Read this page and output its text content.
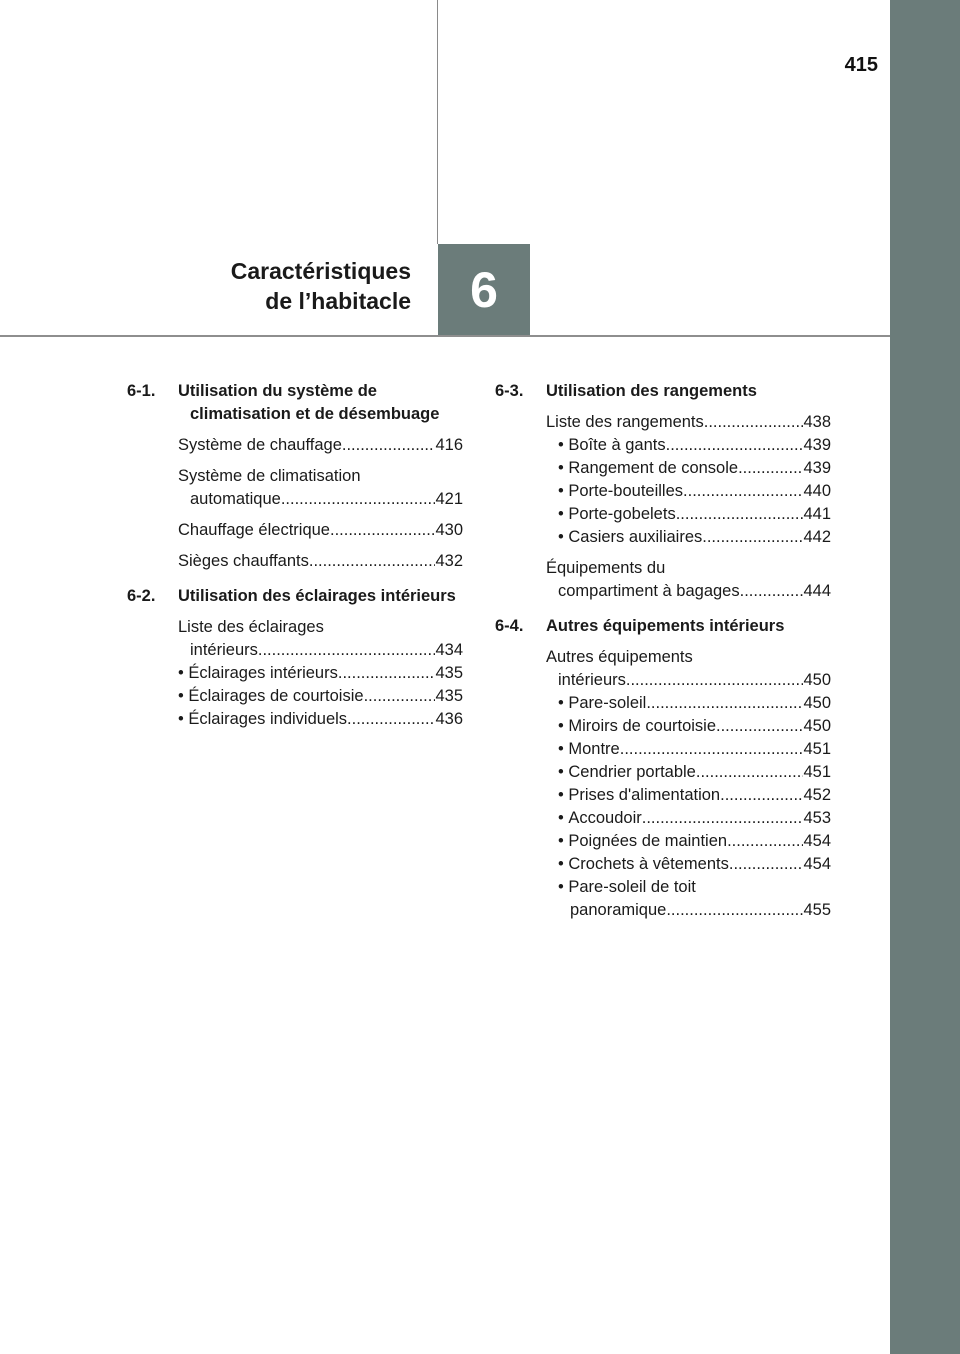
415
Caractéristiques
de l’habitacle	6
6-1.	Utilisation du système de climatisation et de désembuage
Système de chauffage .....	416
Système de climatisation
automatique .....	421
Chauffage électrique .....	430
Sièges chauffants .....	432
6-2.	Utilisation des éclairages intérieurs
Liste des éclairages
intérieurs .....	434
• Éclairages intérieurs .....	435
• Éclairages de courtoisie .....	435
• Éclairages individuels .....	436
6-3.	Utilisation des rangements
Liste des rangements .....	438
• Boîte à gants .....	439
• Rangement de console .....	439
• Porte-bouteilles .....	440
• Porte-gobelets .....	441
• Casiers auxiliaires .....	442
Équipements du
compartiment à bagages .....	444
6-4.	Autres équipements intérieurs
Autres équipements
intérieurs .....	450
• Pare-soleil .....	450
• Miroirs de courtoisie .....	450
• Montre .....	451
• Cendrier portable .....	451
• Prises d'alimentation .....	452
• Accoudoir .....	453
• Poignées de maintien .....	454
• Crochets à vêtements .....	454
• Pare-soleil de toit
panoramique .....	455
